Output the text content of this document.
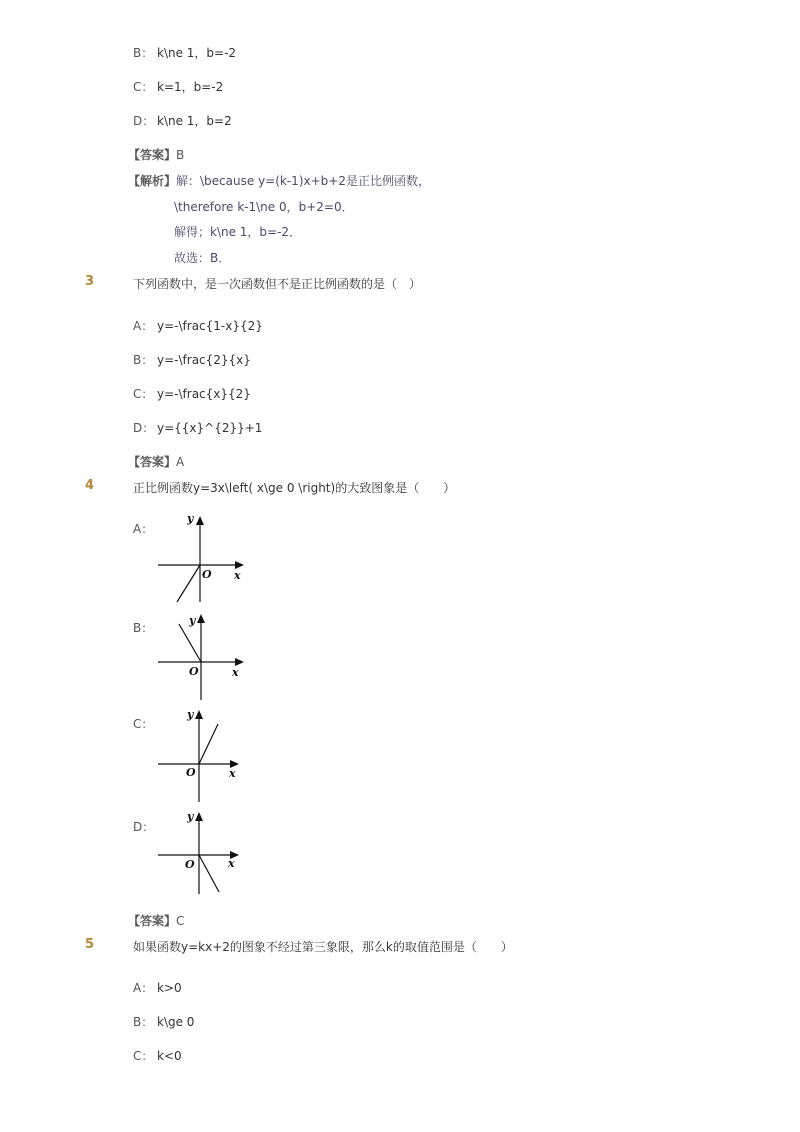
B： k\ne 1，b=-2
C： k=1，b=-2
D： k\ne 1，b=2
【答案】B
【解析】解：\because y=(k-1)x+b+2是正比例函数，
\therefore k-1\ne 0，b+2=0．
解得；k\ne 1，b=-2．
故选：B．
3	下列函数中，是一次函数但不是正比例函数的是（　）
A： y=-\frac{1-x}{2}
B： y=-\frac{2}{x}
C： y=-\frac{x}{2}
D： y={{x}^{2}}+1
【答案】A
4	正比例函数y=3x\left( x\ge 0 \right)的大致图象是（　　）
A：
O x
y
B：
O	x
y
C：
O	x
y
D：
O	x
y
【答案】C
5	如果函数y=kx+2的图象不经过第三象限，那么k的取值范围是（　　）
A： k>0
B： k\ge 0
C： k<0
